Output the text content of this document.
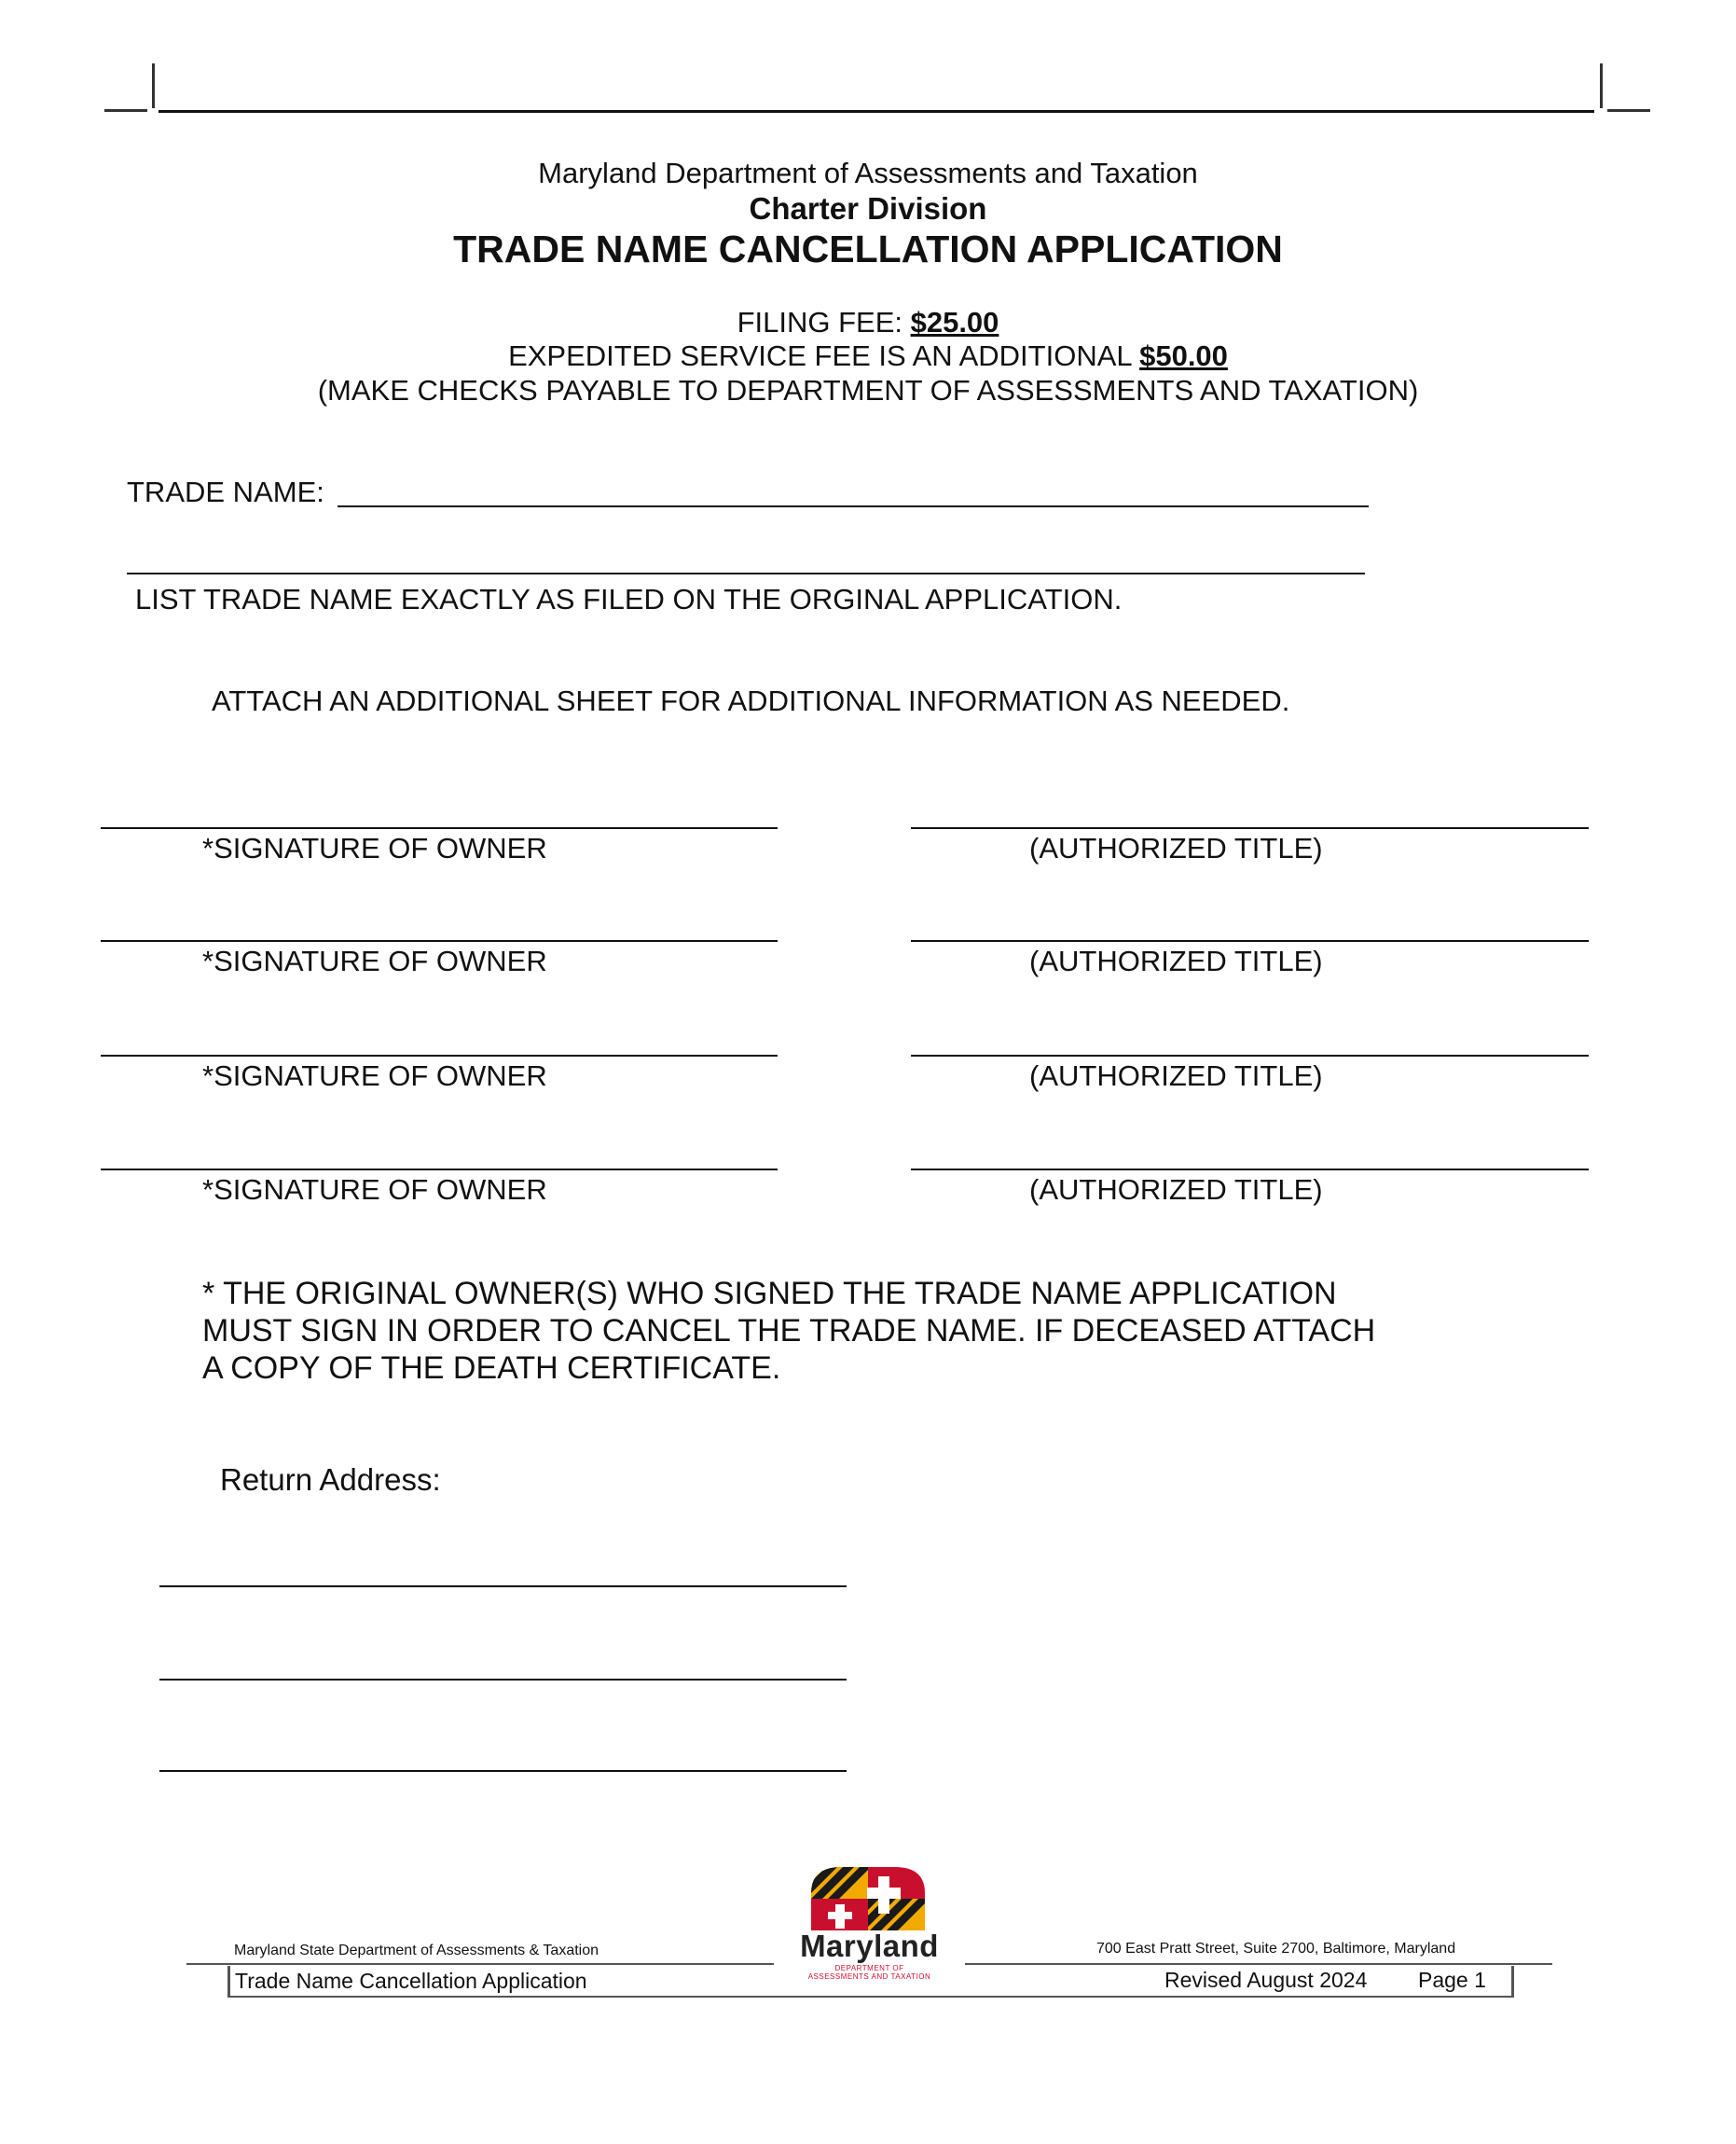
Maryland Department of Assessments and Taxation
Charter Division
TRADE NAME CANCELLATION APPLICATION
FILING FEE: $25.00
EXPEDITED SERVICE FEE IS AN ADDITIONAL $50.00
(MAKE CHECKS PAYABLE TO DEPARTMENT OF ASSESSMENTS AND TAXATION)
TRADE NAME:
LIST TRADE NAME EXACTLY AS FILED ON THE ORGINAL APPLICATION.
ATTACH AN ADDITIONAL SHEET FOR ADDITIONAL INFORMATION AS NEEDED.
*SIGNATURE OF OWNER	(AUTHORIZED TITLE)
*SIGNATURE OF OWNER	(AUTHORIZED TITLE)
*SIGNATURE OF OWNER	(AUTHORIZED TITLE)
*SIGNATURE OF OWNER	(AUTHORIZED TITLE)
* THE ORIGINAL OWNER(S) WHO SIGNED THE TRADE NAME APPLICATION
MUST SIGN IN ORDER TO CANCEL THE TRADE NAME. IF DECEASED ATTACH
A COPY OF THE DEATH CERTIFICATE.
Return Address:
Maryland State Department of Assessments & Taxation
Trade Name Cancellation Application
700 East Pratt Street, Suite 2700, Baltimore, Maryland
Revised August 2024 Page 1
Maryland
DEPARTMENT OF
ASSESSMENTS AND TAXATION
